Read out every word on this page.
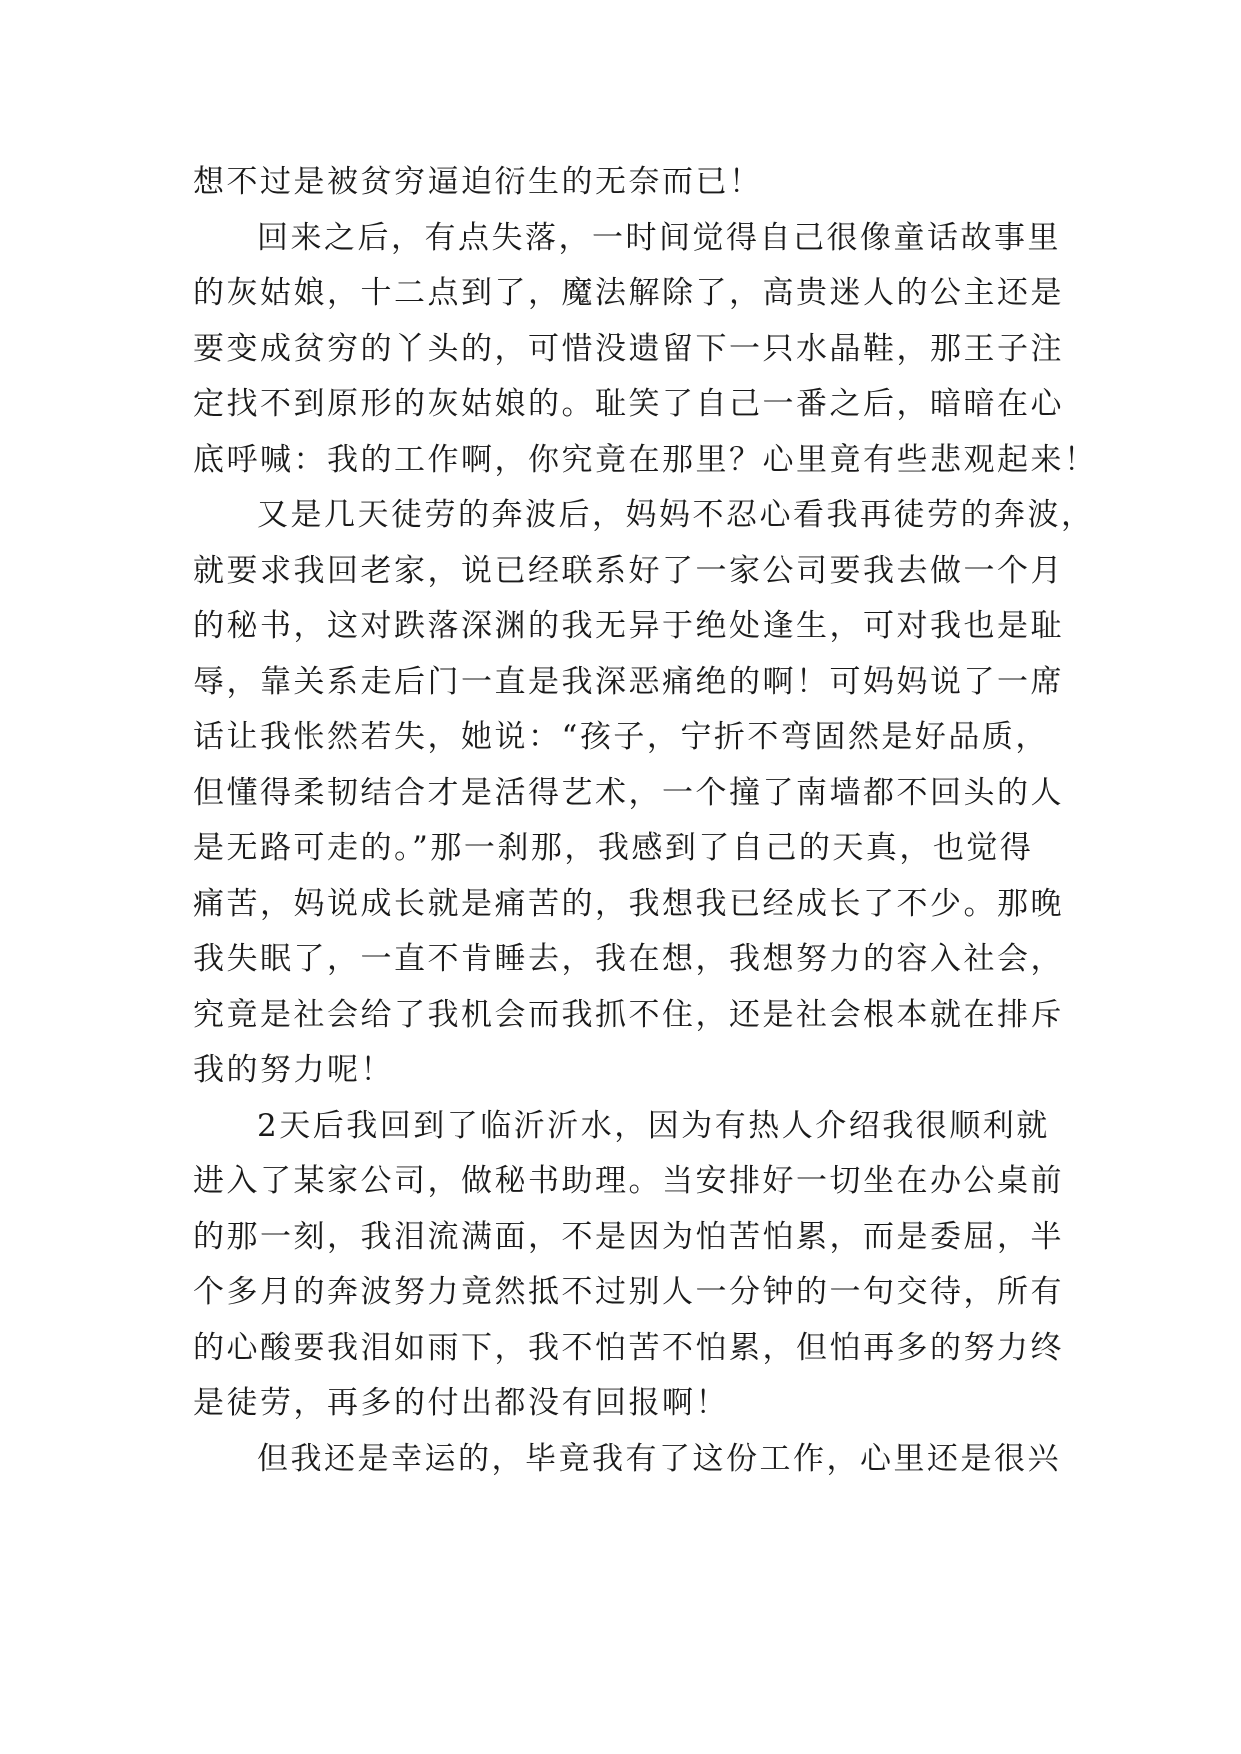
想不过是被贫穷逼迫衍生的无奈而已！
回来之后，有点失落，一时间觉得自己很像童话故事里
的灰姑娘，十二点到了，魔法解除了，高贵迷人的公主还是
要变成贫穷的丫头的，可惜没遗留下一只水晶鞋，那王子注
定找不到原形的灰姑娘的。耻笑了自己一番之后，暗暗在心
底呼喊：我的工作啊，你究竟在那里？心里竟有些悲观起来！
又是几天徒劳的奔波后，妈妈不忍心看我再徒劳的奔波，
就要求我回老家，说已经联系好了一家公司要我去做一个月
的秘书，这对跌落深渊的我无异于绝处逢生，可对我也是耻
辱，靠关系走后门一直是我深恶痛绝的啊！可妈妈说了一席
话让我怅然若失，她说：“孩子，宁折不弯固然是好品质，
但懂得柔韧结合才是活得艺术，一个撞了南墙都不回头的人
是无路可走的。”那一刹那，我感到了自己的天真，也觉得
痛苦，妈说成长就是痛苦的，我想我已经成长了不少。那晚
我失眠了，一直不肯睡去，我在想，我想努力的容入社会，
究竟是社会给了我机会而我抓不住，还是社会根本就在排斥
我的努力呢！
2天后我回到了临沂沂水，因为有热人介绍我很顺利就
进入了某家公司，做秘书助理。当安排好一切坐在办公桌前
的那一刻，我泪流满面，不是因为怕苦怕累，而是委屈，半
个多月的奔波努力竟然抵不过别人一分钟的一句交待，所有
的心酸要我泪如雨下，我不怕苦不怕累，但怕再多的努力终
是徒劳，再多的付出都没有回报啊！
但我还是幸运的，毕竟我有了这份工作，心里还是很兴
